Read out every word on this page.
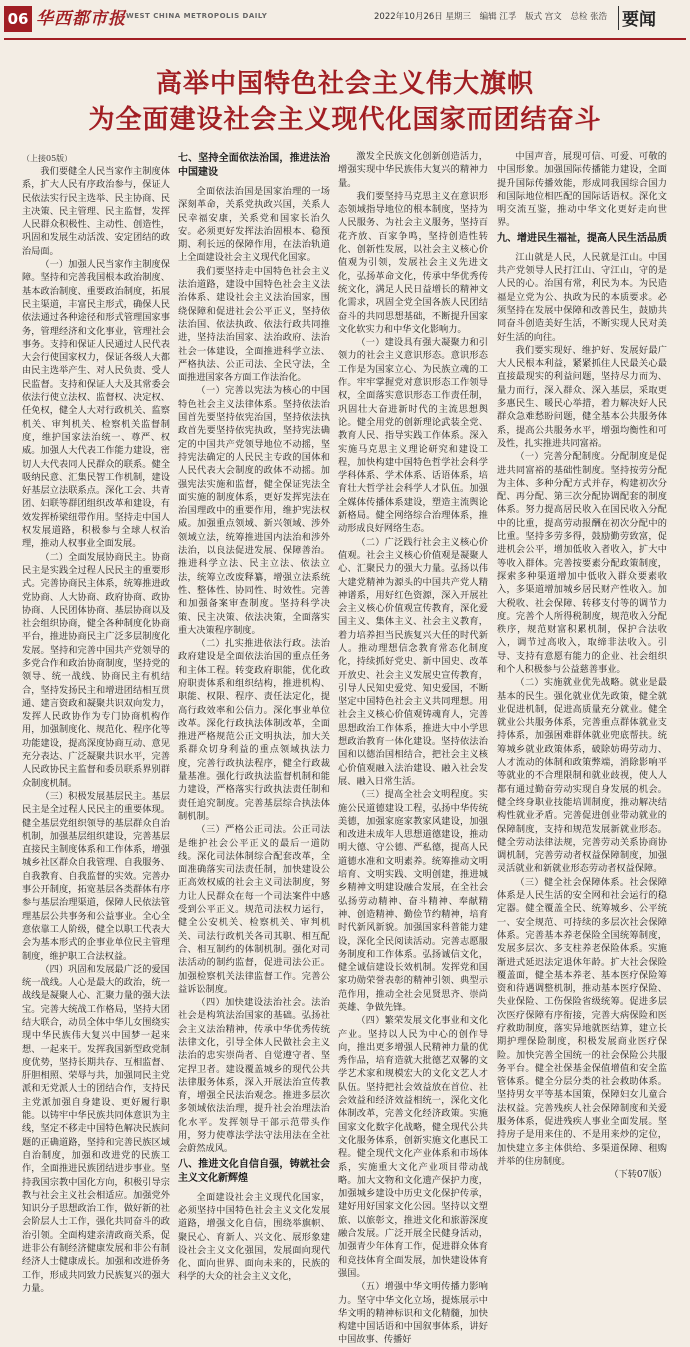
06 华西都市报 WEST CHINA METROPOLIS DAILY	2022年10月26日 星期三 编辑 江孚 版式 宫文 总检 张浩 要闻
高举中国特色社会主义伟大旗帜
为全面建设社会主义现代化国家而团结奋斗
（上接05版）

我们要健全人民当家作主制度体系，扩大人民有序政治参与，保证人民依法实行民主选举、民主协商、民主决策、民主管理、民主监督，发挥人民群众积极性、主动性、创造性，巩固和发展生动活泼、安定团结的政治局面。

（一）加强人民当家作主制度保障。坚持和完善我国根本政治制度、基本政治制度、重要政治制度，拓展民主渠道，丰富民主形式，确保人民依法通过各种途径和形式管理国家事务，管理经济和文化事业，管理社会事务。支持和保证人民通过人民代表大会行使国家权力，保证各级人大都由民主选举产生、对人民负责、受人民监督。支持和保证人大及其常委会依法行使立法权、监督权、决定权、任免权，健全人大对行政机关、监察机关、审判机关、检察机关监督制度，维护国家法治统一、尊严、权威。加强人大代表工作能力建设，密切人大代表同人民群众的联系。健全吸纳民意、汇集民智工作机制，建设好基层立法联系点。深化工会、共青团、妇联等群团组织改革和建设，有效发挥桥梁纽带作用。坚持走中国人权发展道路，积极参与全球人权治理，推动人权事业全面发展。

（二）全面发展协商民主。协商民主是实践全过程人民民主的重要形式。完善协商民主体系，统筹推进政党协商、人大协商、政府协商、政协协商、人民团体协商、基层协商以及社会组织协商，健全各种制度化协商平台，推进协商民主广泛多层制度化发展。坚持和完善中国共产党领导的多党合作和政治协商制度，坚持党的领导、统一战线、协商民主有机结合，坚持发扬民主和增进团结相互贯通、建言资政和凝聚共识双向发力，发挥人民政协作为专门协商机构作用，加强制度化、规范化、程序化等功能建设，提高深度协商互动、意见充分表达、广泛凝聚共识水平，完善人民政协民主监督和委员联系界别群众制度机制。

（三）积极发展基层民主。基层民主是全过程人民民主的重要体现。健全基层党组织领导的基层群众自治机制，加强基层组织建设，完善基层直接民主制度体系和工作体系，增强城乡社区群众自我管理、自我服务、自我教育、自我监督的实效。完善办事公开制度，拓宽基层各类群体有序参与基层治理渠道，保障人民依法管理基层公共事务和公益事业。全心全意依靠工人阶级，健全以职工代表大会为基本形式的企事业单位民主管理制度，维护职工合法权益。

（四）巩固和发展最广泛的爱国统一战线。人心是最大的政治，统一战线是凝聚人心、汇聚力量的强大法宝。完善大统战工作格局，坚持大团结大联合，动员全体中华儿女围绕实现中华民族伟大复兴中国梦一起来想、一起来干。发挥我国新型政党制度优势，坚持长期共存、互相监督、肝胆相照、荣辱与共，加强同民主党派和无党派人士的团结合作，支持民主党派加强自身建设、更好履行职能。以铸牢中华民族共同体意识为主线，坚定不移走中国特色解决民族问题的正确道路，坚持和完善民族区域自治制度，加强和改进党的民族工作，全面推进民族团结进步事业。坚持我国宗教中国化方向，积极引导宗教与社会主义社会相适应。加强党外知识分子思想政治工作，做好新的社会阶层人士工作，强化共同奋斗的政治引领。全面构建亲清政商关系，促进非公有制经济健康发展和非公有制经济人士健康成长。加强和改进侨务工作，形成共同致力民族复兴的强大力量。

七、坚持全面依法治国，推进法治中国建设

全面依法治国是国家治理的一场深刻革命，关系党执政兴国，关系人民幸福安康，关系党和国家长治久安。必须更好发挥法治固根本、稳预期、利长远的保障作用，在法治轨道上全面建设社会主义现代化国家。

我们要坚持走中国特色社会主义法治道路，建设中国特色社会主义法治体系、建设社会主义法治国家，围绕保障和促进社会公平正义，坚持依法治国、依法执政、依法行政共同推进，坚持法治国家、法治政府、法治社会一体建设，全面推进科学立法、严格执法、公正司法、全民守法，全面推进国家各方面工作法治化。

（一）完善以宪法为核心的中国特色社会主义法律体系。坚持依法治国首先要坚持依宪治国，坚持依法执政首先要坚持依宪执政，坚持宪法确定的中国共产党领导地位不动摇，坚持宪法确定的人民民主专政的国体和人民代表大会制度的政体不动摇。加强宪法实施和监督，健全保证宪法全面实施的制度体系，更好发挥宪法在治国理政中的重要作用，维护宪法权威。加强重点领域、新兴领域、涉外领域立法，统筹推进国内法治和涉外法治，以良法促进发展、保障善治。推进科学立法、民主立法、依法立法，统筹立改废释纂，增强立法系统性、整体性、协同性、时效性。完善和加强备案审查制度。坚持科学决策、民主决策、依法决策，全面落实重大决策程序制度。

（二）扎实推进依法行政。法治政府建设是全面依法治国的重点任务和主体工程。转变政府职能，优化政府职责体系和组织结构，推进机构、职能、权限、程序、责任法定化，提高行政效率和公信力。深化事业单位改革。深化行政执法体制改革，全面推进严格规范公正文明执法，加大关系群众切身利益的重点领域执法力度，完善行政执法程序，健全行政裁量基准。强化行政执法监督机制和能力建设，严格落实行政执法责任制和责任追究制度。完善基层综合执法体制机制。

（三）严格公正司法。公正司法是维护社会公平正义的最后一道防线。深化司法体制综合配套改革，全面准确落实司法责任制，加快建设公正高效权威的社会主义司法制度，努力让人民群众在每一个司法案件中感受到公平正义。规范司法权力运行，健全公安机关、检察机关、审判机关、司法行政机关各司其职、相互配合、相互制约的体制机制。强化对司法活动的制约监督，促进司法公正。加强检察机关法律监督工作。完善公益诉讼制度。

（四）加快建设法治社会。法治社会是构筑法治国家的基础。弘扬社会主义法治精神，传承中华优秀传统法律文化，引导全体人民做社会主义法治的忠实崇尚者、自觉遵守者、坚定捍卫者。建设覆盖城乡的现代公共法律服务体系，深入开展法治宣传教育，增强全民法治观念。推进多层次多领域依法治理，提升社会治理法治化水平。发挥领导干部示范带头作用，努力使尊法学法守法用法在全社会蔚然成风。

八、推进文化自信自强，铸就社会主义文化新辉煌

全面建设社会主义现代化国家，必须坚持中国特色社会主义文化发展道路，增强文化自信，围绕举旗帜、聚民心、育新人、兴文化、展形象建设社会主义文化强国，发展面向现代化、面向世界、面向未来的，民族的科学的大众的社会主义文化，

激发全民族文化创新创造活力，增强实现中华民族伟大复兴的精神力量。

我们要坚持马克思主义在意识形态领域指导地位的根本制度，坚持为人民服务、为社会主义服务，坚持百花齐放、百家争鸣，坚持创造性转化、创新性发展，以社会主义核心价值观为引领，发展社会主义先进文化，弘扬革命文化，传承中华优秀传统文化，满足人民日益增长的精神文化需求，巩固全党全国各族人民团结奋斗的共同思想基础，不断提升国家文化软实力和中华文化影响力。

（一）建设具有强大凝聚力和引领力的社会主义意识形态。意识形态工作是为国家立心、为民族立魂的工作。牢牢掌握党对意识形态工作领导权，全面落实意识形态工作责任制，巩固壮大奋进新时代的主流思想舆论。健全用党的创新理论武装全党、教育人民、指导实践工作体系。深入实施马克思主义理论研究和建设工程，加快构建中国特色哲学社会科学学科体系、学术体系、话语体系，培育壮大哲学社会科学人才队伍。加强全媒体传播体系建设，塑造主流舆论新格局。健全网络综合治理体系，推动形成良好网络生态。

（二）广泛践行社会主义核心价值观。社会主义核心价值观是凝聚人心、汇聚民力的强大力量。弘扬以伟大建党精神为源头的中国共产党人精神谱系，用好红色资源，深入开展社会主义核心价值观宣传教育，深化爱国主义、集体主义、社会主义教育，着力培养担当民族复兴大任的时代新人。推动理想信念教育常态化制度化，持续抓好党史、新中国史、改革开放史、社会主义发展史宣传教育，引导人民知史爱党、知史爱国，不断坚定中国特色社会主义共同理想。用社会主义核心价值观铸魂育人，完善思想政治工作体系，推进大中小学思想政治教育一体化建设。坚持依法治国和以德治国相结合，把社会主义核心价值观融入法治建设、融入社会发展、融入日常生活。

（三）提高全社会文明程度。实施公民道德建设工程，弘扬中华传统美德，加强家庭家教家风建设，加强和改进未成年人思想道德建设，推动明大德、守公德、严私德，提高人民道德水准和文明素养。统筹推动文明培育、文明实践、文明创建，推进城乡精神文明建设融合发展，在全社会弘扬劳动精神、奋斗精神、奉献精神、创造精神、勤俭节约精神，培育时代新风新貌。加强国家科普能力建设，深化全民阅读活动。完善志愿服务制度和工作体系。弘扬诚信文化，健全诚信建设长效机制。发挥党和国家功勋荣誉表彰的精神引领、典型示范作用，推动全社会见贤思齐、崇尚英雄、争做先锋。

（四）繁荣发展文化事业和文化产业。坚持以人民为中心的创作导向，推出更多增强人民精神力量的优秀作品，培育造就大批德艺双馨的文学艺术家和规模宏大的文化文艺人才队伍。坚持把社会效益放在首位、社会效益和经济效益相统一，深化文化体制改革，完善文化经济政策。实施国家文化数字化战略，健全现代公共文化服务体系，创新实施文化惠民工程。健全现代文化产业体系和市场体系，实施重大文化产业项目带动战略。加大文物和文化遗产保护力度，加强城乡建设中历史文化保护传承，建好用好国家文化公园。坚持以文塑旅、以旅彰文，推进文化和旅游深度融合发展。广泛开展全民健身活动，加强青少年体育工作，促进群众体育和竞技体育全面发展，加快建设体育强国。

（五）增强中华文明传播力影响力。坚守中华文化立场，提炼展示中华文明的精神标识和文化精髓，加快构建中国话语和中国叙事体系，讲好中国故事、传播好

中国声音，展现可信、可爱、可敬的中国形象。加强国际传播能力建设，全面提升国际传播效能，形成同我国综合国力和国际地位相匹配的国际话语权。深化文明交流互鉴，推动中华文化更好走向世界。

九、增进民生福祉，提高人民生活品质

江山就是人民，人民就是江山。中国共产党领导人民打江山、守江山，守的是人民的心。治国有常，利民为本。为民造福是立党为公、执政为民的本质要求。必须坚持在发展中保障和改善民生，鼓励共同奋斗创造美好生活，不断实现人民对美好生活的向往。

我们要实现好、维护好、发展好最广大人民根本利益，紧紧抓住人民最关心最直接最现实的利益问题，坚持尽力而为、量力而行，深入群众、深入基层，采取更多惠民生、暖民心举措，着力解决好人民群众急难愁盼问题，健全基本公共服务体系，提高公共服务水平，增强均衡性和可及性，扎实推进共同富裕。

（一）完善分配制度。分配制度是促进共同富裕的基础性制度。坚持按劳分配为主体、多种分配方式并存，构建初次分配、再分配、第三次分配协调配套的制度体系。努力提高居民收入在国民收入分配中的比重，提高劳动报酬在初次分配中的比重。坚持多劳多得，鼓励勤劳致富，促进机会公平，增加低收入者收入，扩大中等收入群体。完善按要素分配政策制度，探索多种渠道增加中低收入群众要素收入，多渠道增加城乡居民财产性收入。加大税收、社会保障、转移支付等的调节力度。完善个人所得税制度，规范收入分配秩序，规范财富积累机制，保护合法收入，调节过高收入，取缔非法收入。引导、支持有意愿有能力的企业、社会组织和个人积极参与公益慈善事业。

（二）实施就业优先战略。就业是最基本的民生。强化就业优先政策，健全就业促进机制，促进高质量充分就业。健全就业公共服务体系，完善重点群体就业支持体系，加强困难群体就业兜底帮扶。统筹城乡就业政策体系，破除妨碍劳动力、人才流动的体制和政策弊端，消除影响平等就业的不合理限制和就业歧视，使人人都有通过勤奋劳动实现自身发展的机会。健全终身职业技能培训制度，推动解决结构性就业矛盾。完善促进创业带动就业的保障制度，支持和规范发展新就业形态。健全劳动法律法规，完善劳动关系协商协调机制，完善劳动者权益保障制度，加强灵活就业和新就业形态劳动者权益保障。

（三）健全社会保障体系。社会保障体系是人民生活的安全网和社会运行的稳定器。健全覆盖全民、统筹城乡、公平统一、安全规范、可持续的多层次社会保障体系。完善基本养老保险全国统筹制度，发展多层次、多支柱养老保险体系。实施渐进式延迟法定退休年龄。扩大社会保险覆盖面，健全基本养老、基本医疗保险筹资和待遇调整机制，推动基本医疗保险、失业保险、工伤保险省级统筹。促进多层次医疗保障有序衔接，完善大病保险和医疗救助制度，落实异地就医结算，建立长期护理保险制度，积极发展商业医疗保险。加快完善全国统一的社会保险公共服务平台。健全社保基金保值增值和安全监管体系。健全分层分类的社会救助体系。坚持男女平等基本国策，保障妇女儿童合法权益。完善残疾人社会保障制度和关爱服务体系，促进残疾人事业全面发展。坚持房子是用来住的、不是用来炒的定位，加快建立多主体供给、多渠道保障、租购并举的住房制度。

（下转07版）
